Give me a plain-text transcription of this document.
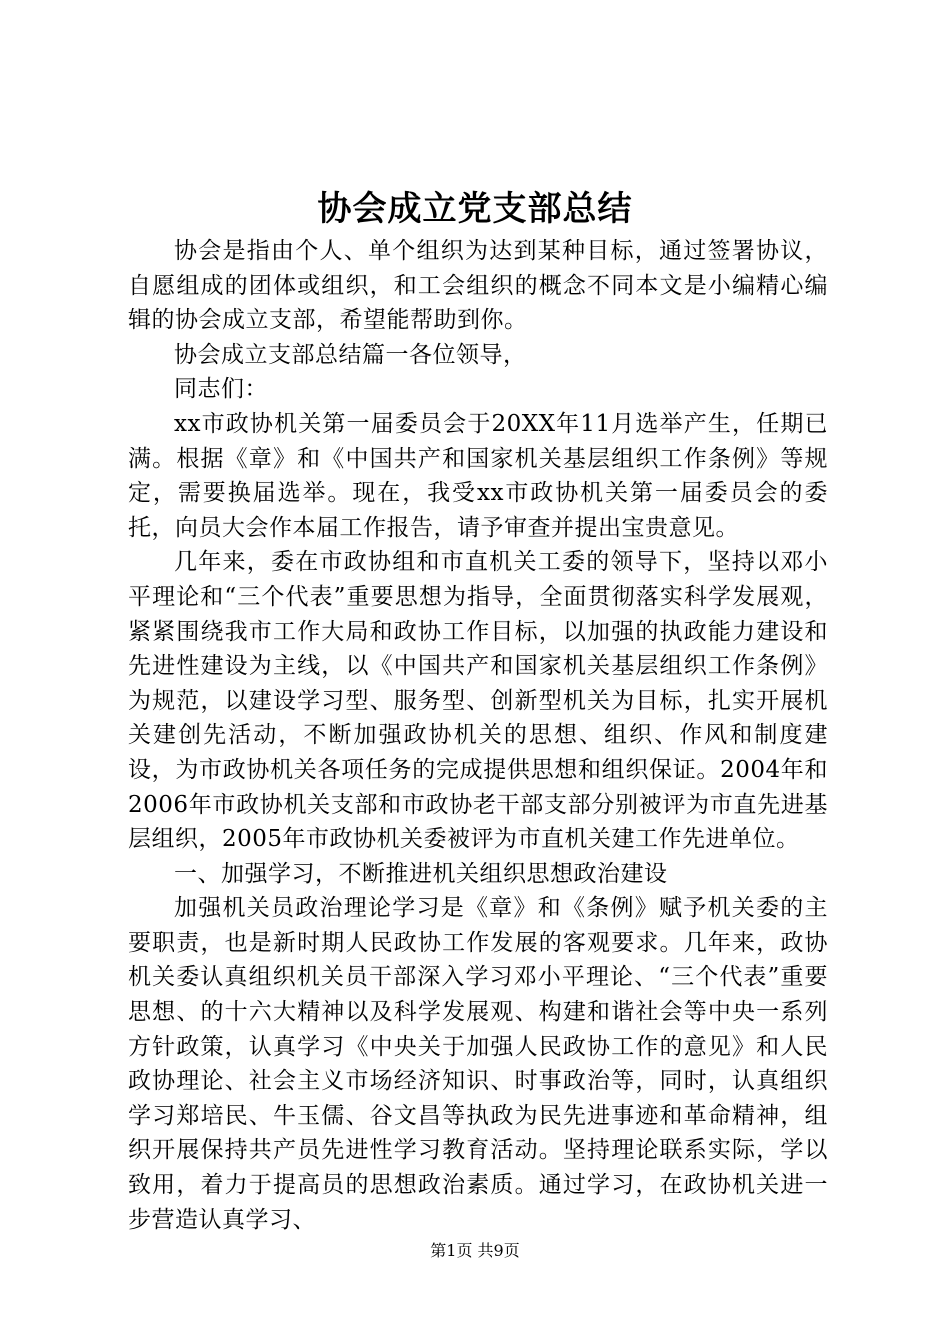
协会成立党支部总结

协会是指由个人、单个组织为达到某种目标，通过签署协议，自愿组成的团体或组织，和工会组织的概念不同本文是小编精心编辑的协会成立支部，希望能帮助到你。

协会成立支部总结篇一各位领导，

同志们：

xx市政协机关第一届委员会于20XX年11月选举产生，任期已满。根据《章》和《中国共产和国家机关基层组织工作条例》等规定，需要换届选举。现在，我受xx市政协机关第一届委员会的委托，向员大会作本届工作报告，请予审查并提出宝贵意见。

几年来，委在市政协组和市直机关工委的领导下，坚持以邓小平理论和“三个代表”重要思想为指导，全面贯彻落实科学发展观，紧紧围绕我市工作大局和政协工作目标，以加强的执政能力建设和先进性建设为主线，以《中国共产和国家机关基层组织工作条例》为规范，以建设学习型、服务型、创新型机关为目标，扎实开展机关建创先活动，不断加强政协机关的思想、组织、作风和制度建设，为市政协机关各项任务的完成提供思想和组织保证。2004年和2006年市政协机关支部和市政协老干部支部分别被评为市直先进基层组织，2005年市政协机关委被评为市直机关建工作先进单位。

一、加强学习，不断推进机关组织思想政治建设

加强机关员政治理论学习是《章》和《条例》赋予机关委的主要职责，也是新时期人民政协工作发展的客观要求。几年来，政协机关委认真组织机关员干部深入学习邓小平理论、“三个代表”重要思想、的十六大精神以及科学发展观、构建和谐社会等中央一系列方针政策，认真学习《中央关于加强人民政协工作的意见》和人民政协理论、社会主义市场经济知识、时事政治等，同时，认真组织学习郑培民、牛玉儒、谷文昌等执政为民先进事迹和革命精神，组织开展保持共产员先进性学习教育活动。坚持理论联系实际，学以致用，着力于提高员的思想政治素质。通过学习，在政协机关进一步营造认真学习、

第1页 共9页
